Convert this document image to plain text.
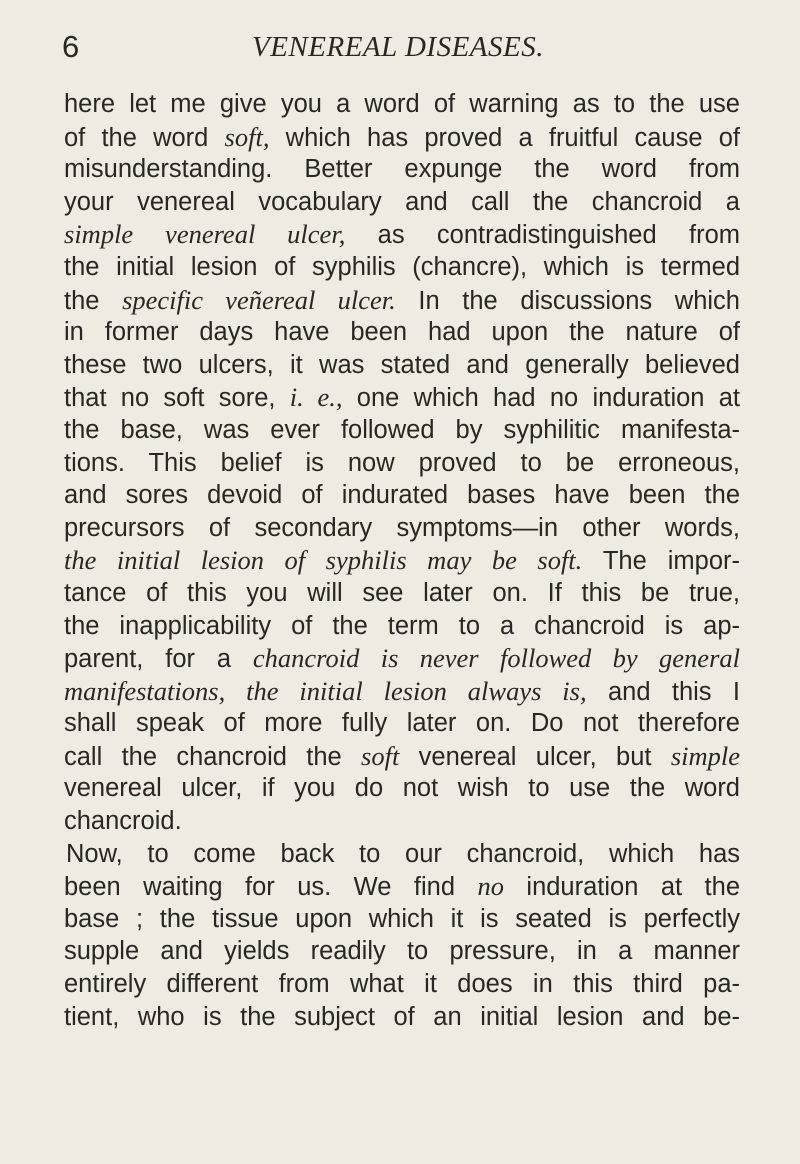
6	VENEREAL DISEASES.
here let me give you a word of warning as to the use
of the word soft, which has proved a fruitful cause of
misunderstanding. Better expunge the word from
your venereal vocabulary and call the chancroid a
simple venereal ulcer, as contradistinguished from
the initial lesion of syphilis (chancre), which is termed
the specific veñereal ulcer. In the discussions which
in former days have been had upon the nature of
these two ulcers, it was stated and generally believed
that no soft sore, i. e., one which had no induration at
the base, was ever followed by syphilitic manifesta-
tions. This belief is now proved to be erroneous,
and sores devoid of indurated bases have been the
precursors of secondary symptoms—in other words,
the initial lesion of syphilis may be soft. The impor-
tance of this you will see later on. If this be true,
the inapplicability of the term to a chancroid is ap-
parent, for a chancroid is never followed by general
manifestations, the initial lesion always is, and this I
shall speak of more fully later on. Do not therefore
call the chancroid the soft venereal ulcer, but simple
venereal ulcer, if you do not wish to use the word
chancroid.
Now, to come back to our chancroid, which has
been waiting for us. We find no induration at the
base ; the tissue upon which it is seated is perfectly
supple and yields readily to pressure, in a manner
entirely different from what it does in this third pa-
tient, who is the subject of an initial lesion and be-
